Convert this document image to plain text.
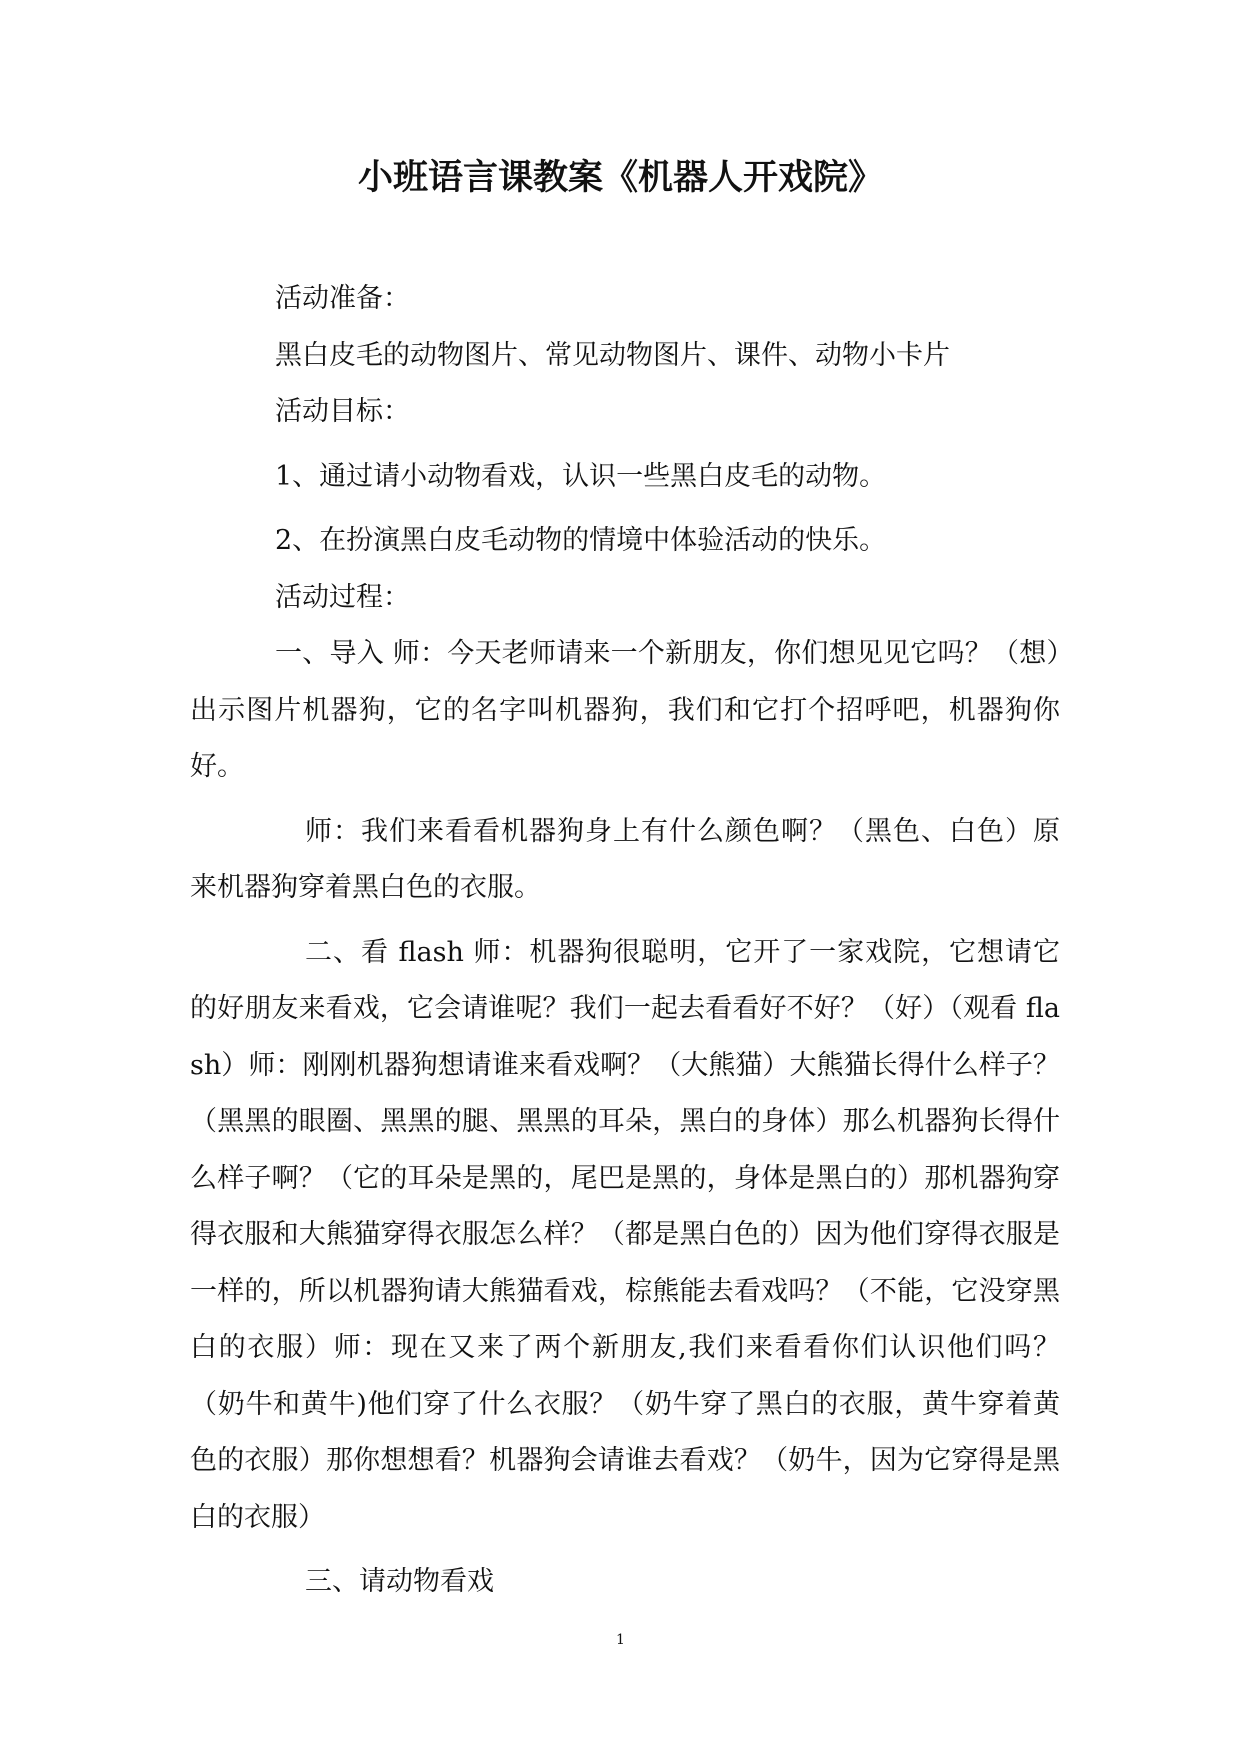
小班语言课教案《机器人开戏院》

活动准备：

黑白皮毛的动物图片、常见动物图片、课件、动物小卡片

活动目标：

1、通过请小动物看戏，认识一些黑白皮毛的动物。

2、在扮演黑白皮毛动物的情境中体验活动的快乐。

活动过程：

一、导入 师：今天老师请来一个新朋友，你们想见见它吗？（想）出示图片机器狗，它的名字叫机器狗，我们和它打个招呼吧，机器狗你好。

师：我们来看看机器狗身上有什么颜色啊？（黑色、白色）原来机器狗穿着黑白色的衣服。

二、看 flash 师：机器狗很聪明，它开了一家戏院，它想请它的好朋友来看戏，它会请谁呢？我们一起去看看好不好？（好）（观看 flash）师：刚刚机器狗想请谁来看戏啊？（大熊猫）大熊猫长得什么样子？（黑黑的眼圈、黑黑的腿、黑黑的耳朵，黑白的身体）那么机器狗长得什么样子啊？（它的耳朵是黑的，尾巴是黑的，身体是黑白的）那机器狗穿得衣服和大熊猫穿得衣服怎么样？（都是黑白色的）因为他们穿得衣服是一样的，所以机器狗请大熊猫看戏，棕熊能去看戏吗？（不能，它没穿黑白的衣服）师：现在又来了两个新朋友,我们来看看你们认识他们吗？（奶牛和黄牛)他们穿了什么衣服？（奶牛穿了黑白的衣服，黄牛穿着黄色的衣服）那你想想看？机器狗会请谁去看戏？（奶牛，因为它穿得是黑白的衣服）

三、请动物看戏

1
